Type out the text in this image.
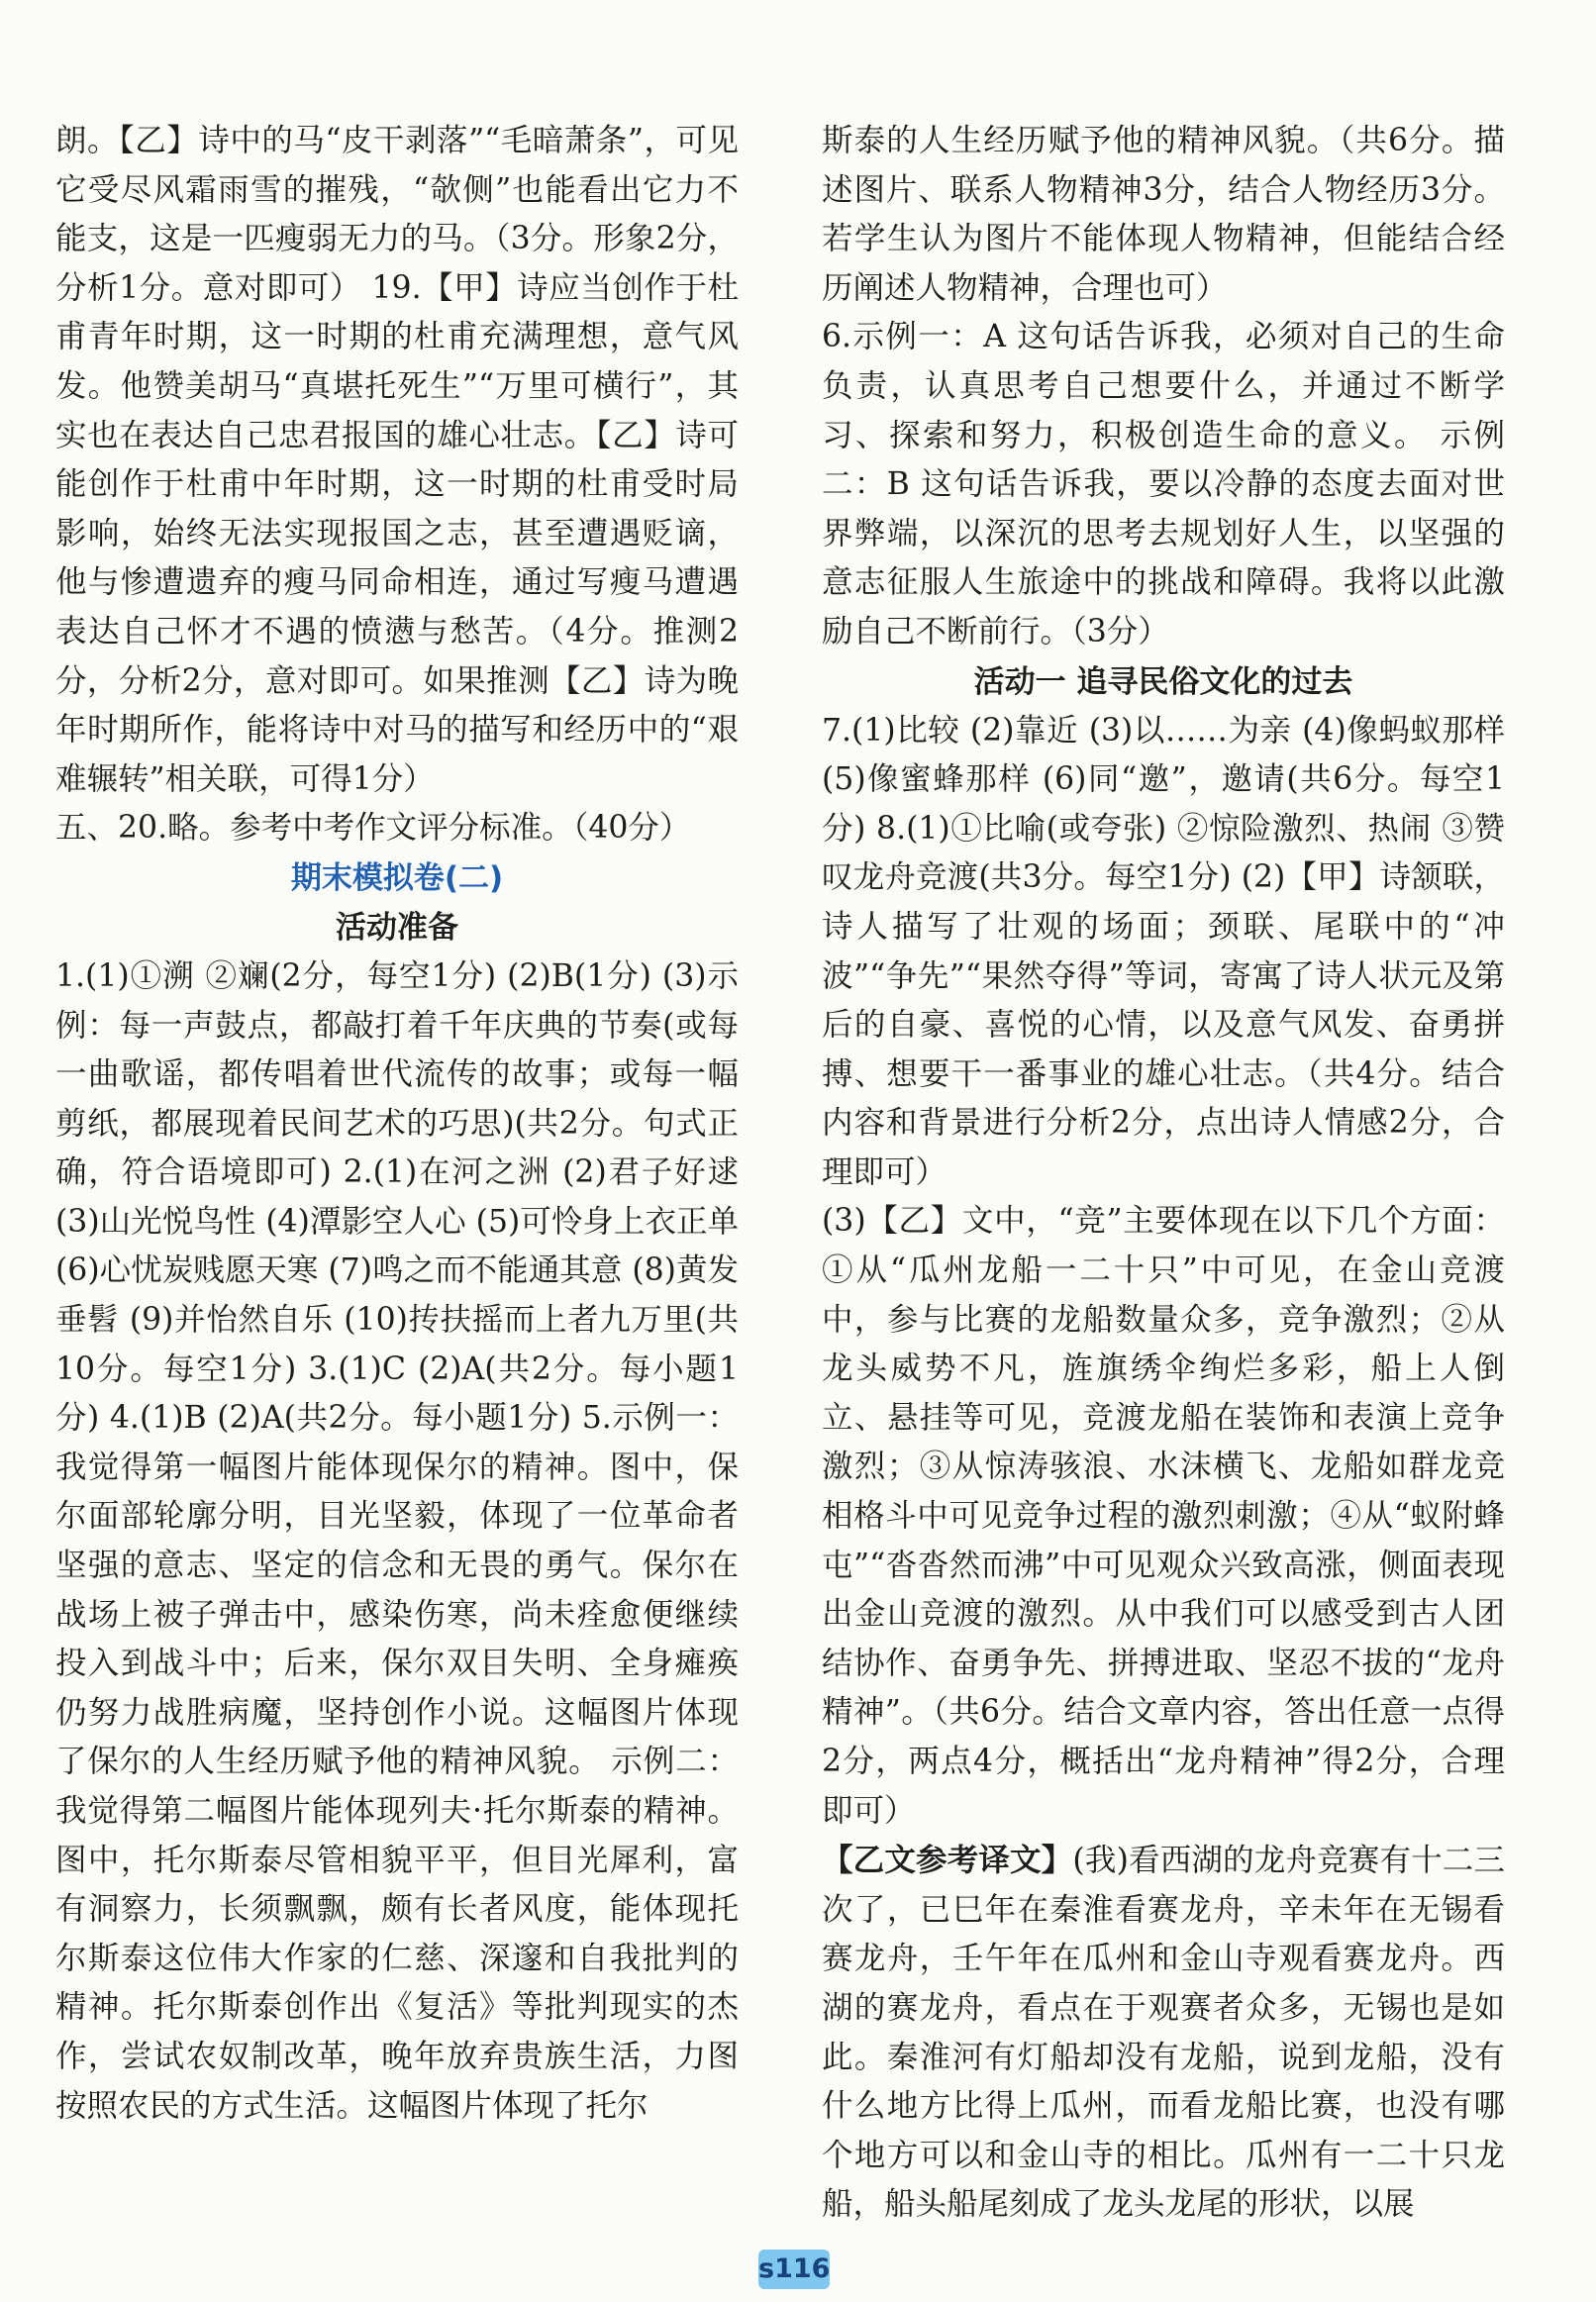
朗。【乙】诗中的马“皮干剥落”“毛暗萧条”，可见它受尽风霜雨雪的摧残，“欹侧”也能看出它力不能支，这是一匹瘦弱无力的马。（3分。形象2分，分析1分。意对即可） 19.【甲】诗应当创作于杜甫青年时期，这一时期的杜甫充满理想，意气风发。他赞美胡马“真堪托死生”“万里可横行”，其实也在表达自己忠君报国的雄心壮志。【乙】诗可能创作于杜甫中年时期，这一时期的杜甫受时局影响，始终无法实现报国之志，甚至遭遇贬谪，他与惨遭遗弃的瘦马同命相连，通过写瘦马遭遇表达自己怀才不遇的愤懑与愁苦。（4分。推测2分，分析2分，意对即可。如果推测【乙】诗为晚年时期所作，能将诗中对马的描写和经历中的“艰难辗转”相关联，可得1分）

五、20.略。参考中考作文评分标准。（40分）

期末模拟卷(二)
活动准备

1.(1)①溯 ②斓(2分，每空1分) (2)B(1分) (3)示例：每一声鼓点，都敲打着千年庆典的节奏(或每一曲歌谣，都传唱着世代流传的故事；或每一幅剪纸，都展现着民间艺术的巧思)(共2分。句式正确，符合语境即可) 2.(1)在河之洲 (2)君子好逑 (3)山光悦鸟性 (4)潭影空人心 (5)可怜身上衣正单 (6)心忧炭贱愿天寒 (7)鸣之而不能通其意 (8)黄发垂髫 (9)并怡然自乐 (10)抟扶摇而上者九万里(共10分。每空1分) 3.(1)C (2)A(共2分。每小题1分) 4.(1)B (2)A(共2分。每小题1分) 5.示例一：我觉得第一幅图片能体现保尔的精神。图中，保尔面部轮廓分明，目光坚毅，体现了一位革命者坚强的意志、坚定的信念和无畏的勇气。保尔在战场上被子弹击中，感染伤寒，尚未痊愈便继续投入到战斗中；后来，保尔双目失明、全身瘫痪仍努力战胜病魔，坚持创作小说。这幅图片体现了保尔的人生经历赋予他的精神风貌。 示例二：我觉得第二幅图片能体现列夫·托尔斯泰的精神。图中，托尔斯泰尽管相貌平平，但目光犀利，富有洞察力，长须飘飘，颇有长者风度，能体现托尔斯泰这位伟大作家的仁慈、深邃和自我批判的精神。托尔斯泰创作出《复活》等批判现实的杰作，尝试农奴制改革，晚年放弃贵族生活，力图按照农民的方式生活。这幅图片体现了托尔

斯泰的人生经历赋予他的精神风貌。（共6分。描述图片、联系人物精神3分，结合人物经历3分。若学生认为图片不能体现人物精神，但能结合经历阐述人物精神，合理也可）

6.示例一：A 这句话告诉我，必须对自己的生命负责，认真思考自己想要什么，并通过不断学习、探索和努力，积极创造生命的意义。 示例二：B 这句话告诉我，要以冷静的态度去面对世界弊端，以深沉的思考去规划好人生，以坚强的意志征服人生旅途中的挑战和障碍。我将以此激励自己不断前行。（3分）

活动一 追寻民俗文化的过去

7.(1)比较 (2)靠近 (3)以……为亲 (4)像蚂蚁那样 (5)像蜜蜂那样 (6)同“邀”，邀请(共6分。每空1分) 8.(1)①比喻(或夸张) ②惊险激烈、热闹 ③赞叹龙舟竞渡(共3分。每空1分) (2)【甲】诗颔联，诗人描写了壮观的场面；颈联、尾联中的“冲波”“争先”“果然夺得”等词，寄寓了诗人状元及第后的自豪、喜悦的心情，以及意气风发、奋勇拼搏、想要干一番事业的雄心壮志。（共4分。结合内容和背景进行分析2分，点出诗人情感2分，合理即可）

(3)【乙】文中，“竞”主要体现在以下几个方面：①从“瓜州龙船一二十只”中可见，在金山竞渡中，参与比赛的龙船数量众多，竞争激烈；②从龙头威势不凡，旌旗绣伞绚烂多彩，船上人倒立、悬挂等可见，竞渡龙船在装饰和表演上竞争激烈；③从惊涛骇浪、水沫横飞、龙船如群龙竞相格斗中可见竞争过程的激烈刺激；④从“蚁附蜂屯”“沓沓然而沸”中可见观众兴致高涨，侧面表现出金山竞渡的激烈。从中我们可以感受到古人团结协作、奋勇争先、拼搏进取、坚忍不拔的“龙舟精神”。（共6分。结合文章内容，答出任意一点得2分，两点4分，概括出“龙舟精神”得2分，合理即可）

【乙文参考译文】(我)看西湖的龙舟竞赛有十二三次了，已巳年在秦淮看赛龙舟，辛未年在无锡看赛龙舟，壬午年在瓜州和金山寺观看赛龙舟。西湖的赛龙舟，看点在于观赛者众多，无锡也是如此。秦淮河有灯船却没有龙船，说到龙船，没有什么地方比得上瓜州，而看龙船比赛，也没有哪个地方可以和金山寺的相比。瓜州有一二十只龙船，船头船尾刻成了龙头龙尾的形状，以展

s116
